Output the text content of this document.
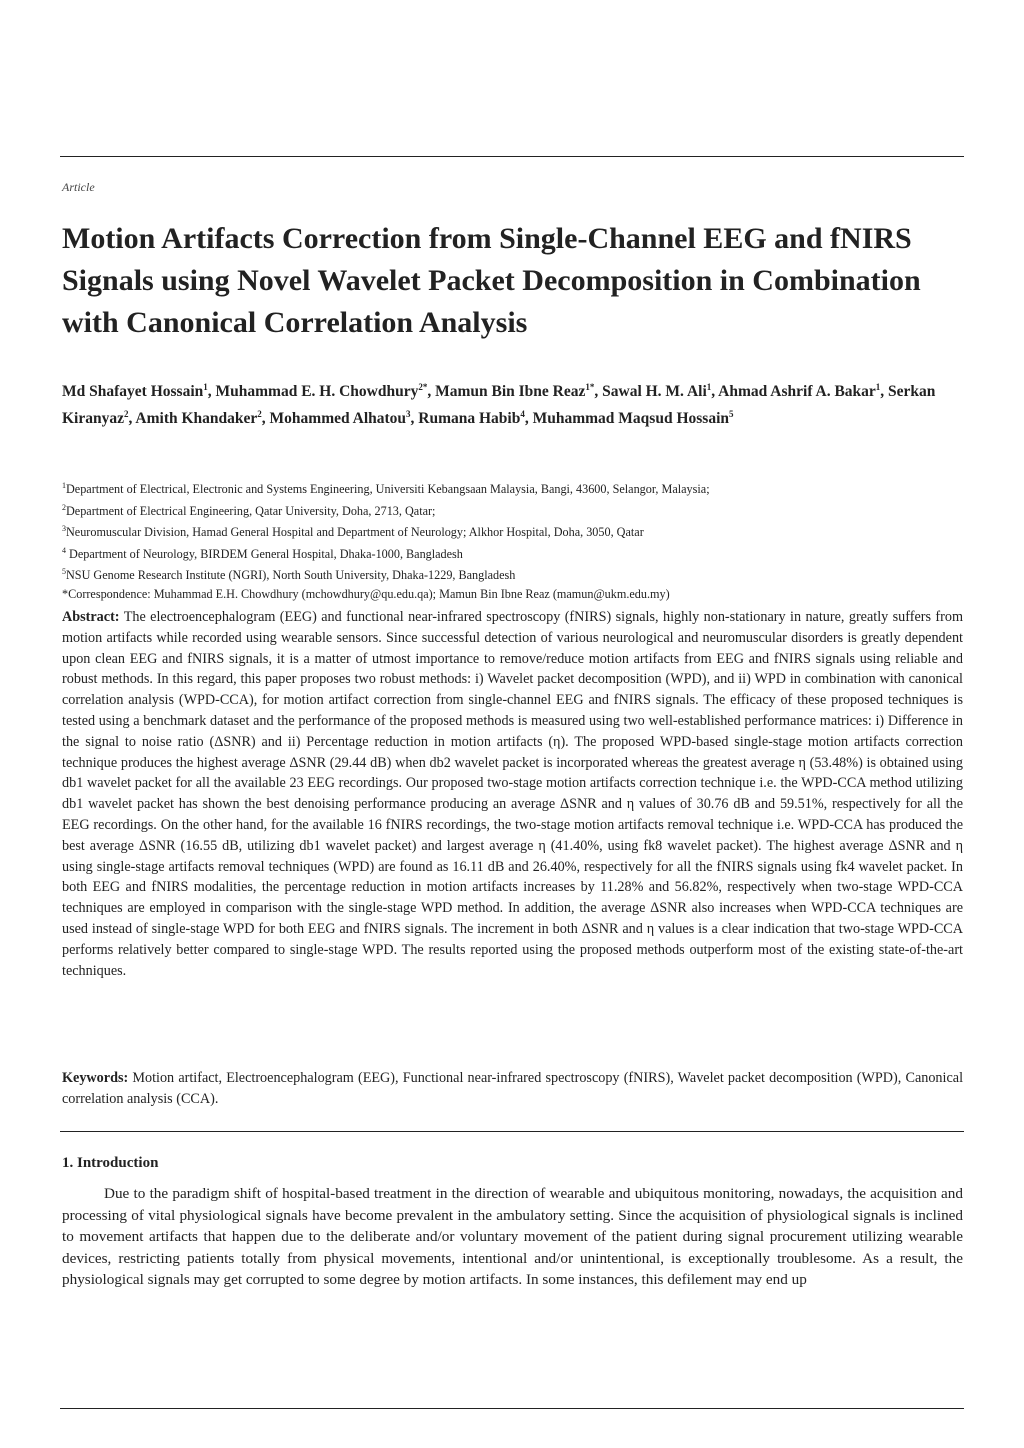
Article
Motion Artifacts Correction from Single-Channel EEG and fNIRS Signals using Novel Wavelet Packet Decomposition in Combination with Canonical Correlation Analysis
Md Shafayet Hossain$^1$, Muhammad E. H. Chowdhury$^{2*}$, Mamun Bin Ibne Reaz$^{1*}$, Sawal H. M. Ali$^1$, Ahmad Ashrif A. Bakar$^1$, Serkan Kiranyaz$^2$, Amith Khandaker$^2$, Mohammed Alhatou$^3$, Rumana Habib$^4$, Muhammad Maqsud Hossain$^5$
$^1$Department of Electrical, Electronic and Systems Engineering, Universiti Kebangsaan Malaysia, Bangi, 43600, Selangor, Malaysia;
$^2$Department of Electrical Engineering, Qatar University, Doha, 2713, Qatar;
$^3$Neuromuscular Division, Hamad General Hospital and Department of Neurology; Alkhor Hospital, Doha, 3050, Qatar
$^4$ Department of Neurology, BIRDEM General Hospital, Dhaka-1000, Bangladesh
$^5$NSU Genome Research Institute (NGRI), North South University, Dhaka-1229, Bangladesh
*Correspondence: Muhammad E.H. Chowdhury (mchowdhury@qu.edu.qa); Mamun Bin Ibne Reaz (mamun@ukm.edu.my)

Abstract: The electroencephalogram (EEG) and functional near-infrared spectroscopy (fNIRS) signals, highly non-stationary in nature, greatly suffers from motion artifacts while recorded using wearable sensors. Since successful detection of various neurological and neuromuscular disorders is greatly dependent upon clean EEG and fNIRS signals, it is a matter of utmost importance to remove/reduce motion artifacts from EEG and fNIRS signals using reliable and robust methods. In this regard, this paper proposes two robust methods: i) Wavelet packet decomposition (WPD), and ii) WPD in combination with canonical correlation analysis (WPD-CCA), for motion artifact correction from single-channel EEG and fNIRS signals. The efficacy of these proposed techniques is tested using a benchmark dataset and the performance of the proposed methods is measured using two well-established performance matrices: i) Difference in the signal to noise ratio (ΔSNR) and ii) Percentage reduction in motion artifacts (η). The proposed WPD-based single-stage motion artifacts correction technique produces the highest average ΔSNR (29.44 dB) when db2 wavelet packet is incorporated whereas the greatest average η (53.48%) is obtained using db1 wavelet packet for all the available 23 EEG recordings. Our proposed two-stage motion artifacts correction technique i.e. the WPD-CCA method utilizing db1 wavelet packet has shown the best denoising performance producing an average ΔSNR and η values of 30.76 dB and 59.51%, respectively for all the EEG recordings. On the other hand, for the available 16 fNIRS recordings, the two-stage motion artifacts removal technique i.e. WPD-CCA has produced the best average ΔSNR (16.55 dB, utilizing db1 wavelet packet) and largest average η (41.40%, using fk8 wavelet packet). The highest average ΔSNR and η using single-stage artifacts removal techniques (WPD) are found as 16.11 dB and 26.40%, respectively for all the fNIRS signals using fk4 wavelet packet. In both EEG and fNIRS modalities, the percentage reduction in motion artifacts increases by 11.28% and 56.82%, respectively when two-stage WPD-CCA techniques are employed in comparison with the single-stage WPD method. In addition, the average ΔSNR also increases when WPD-CCA techniques are used instead of single-stage WPD for both EEG and fNIRS signals. The increment in both ΔSNR and η values is a clear indication that two-stage WPD-CCA performs relatively better compared to single-stage WPD. The results reported using the proposed methods outperform most of the existing state-of-the-art techniques.

Keywords: Motion artifact, Electroencephalogram (EEG), Functional near-infrared spectroscopy (fNIRS), Wavelet packet decomposition (WPD), Canonical correlation analysis (CCA).

1. Introduction

Due to the paradigm shift of hospital-based treatment in the direction of wearable and ubiquitous monitoring, nowadays, the acquisition and processing of vital physiological signals have become prevalent in the ambulatory setting. Since the acquisition of physiological signals is inclined to movement artifacts that happen due to the deliberate and/or voluntary movement of the patient during signal procurement utilizing wearable devices, restricting patients totally from physical movements, intentional and/or unintentional, is exceptionally troublesome. As a result, the physiological signals may get corrupted to some degree by motion artifacts. In some instances, this defilement may end up
